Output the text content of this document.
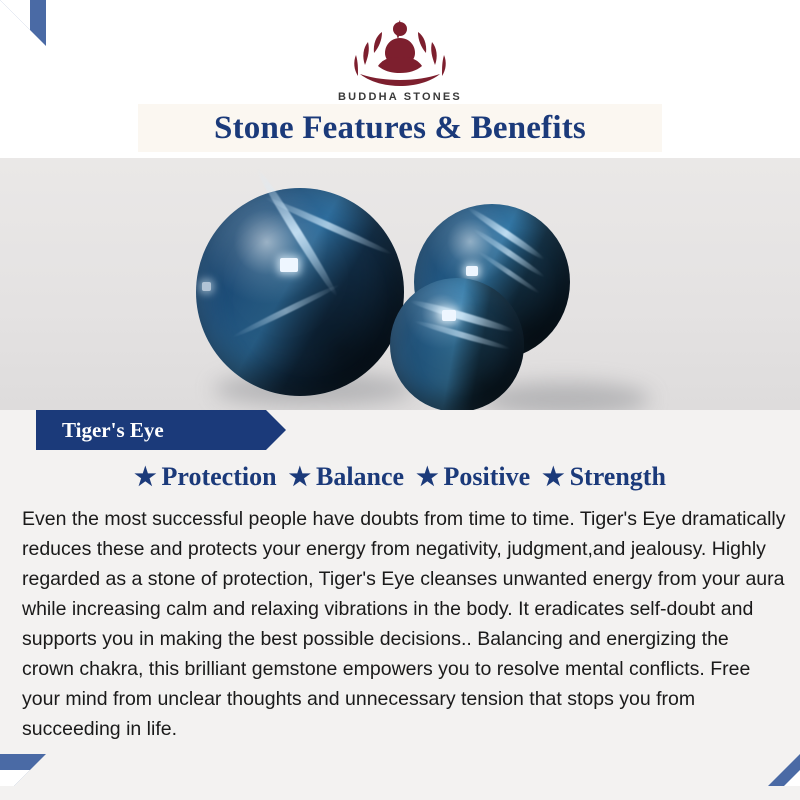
BUDDHA STONES
Stone Features & Benefits
Tiger's Eye
★ Protection ★ Balance ★ Positive ★ Strength
Even the most successful people have doubts from time to time. Tiger's Eye dramatically reduces these and protects your energy from negativity, judgment,and jealousy. Highly regarded as a stone of protection, Tiger's Eye cleanses unwanted energy from your aura while increasing calm and relaxing vibrations in the body. It eradicates self-doubt and supports you in making the best possible decisions.. Balancing and energizing the crown chakra, this brilliant gemstone empowers you to resolve mental conflicts. Free your mind from unclear thoughts and unnecessary tension that stops you from succeeding in life.
